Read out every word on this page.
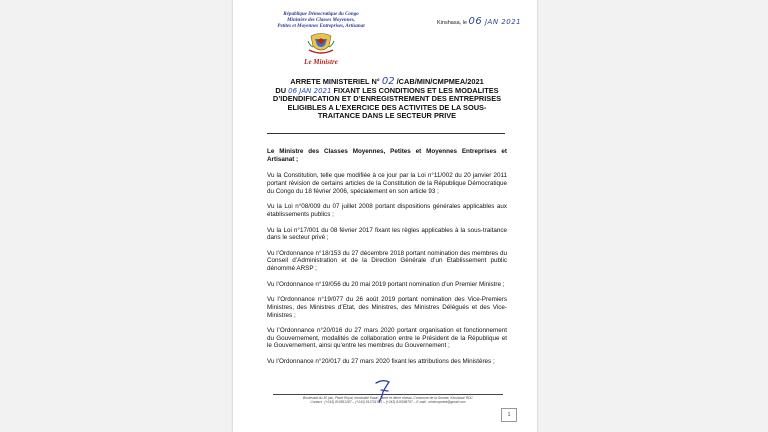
République Démocratique du Congo
Ministère des Classes Moyennes,
Petites et Moyennes Entreprises, Artisanat
Le Ministre
Kinshasa, le 06 JAN 2021
ARRETE MINISTERIEL N° 02 /CAB/MIN/CMPMEA/2021
DU 06 JAN 2021 FIXANT LES CONDITIONS ET LES MODALITES
D’IDENDIFICATION ET D’ENREGISTREMENT DES ENTREPRISES
ELIGIBLES A L’EXERCICE DES ACTIVITES DE LA SOUS-
TRAITANCE DANS LE SECTEUR PRIVE
Le Ministre des Classes Moyennes, Petites et Moyennes Entreprises et Artisanat ;
Vu la Constitution, telle que modifiée à ce jour par la Loi n°11/002 du 20 janvier 2011 portant révision de certains articles de la Constitution de la République Démocratique du Congo du 18 février 2006, spécialement en son article 93 ;
Vu la Loi n°08/009 du 07 juillet 2008 portant dispositions générales applicables aux établissements publics ;
Vu la Loi n°17/001 du 08 février 2017 fixant les règles applicables à la sous-traitance dans le secteur privé ;
Vu l’Ordonnance n°18/153 du 27 décembre 2018 portant nomination des membres du Conseil d’Administration et de la Direction Générale d’un Etablissement public dénommé ARSP ;
Vu l’Ordonnance n°19/056 du 20 mai 2019 portant nomination d’un Premier Ministre ;
Vu l’Ordonnance n°19/077 du 26 août 2019 portant nomination des Vice-Premiers Ministres, des Ministres d’Etat, des Ministres, des Ministres Délégués et des Vice-Ministres ;
Vu l’Ordonnance n°20/016 du 27 mars 2020 portant organisation et fonctionnement du Gouvernement, modalités de collaboration entre le Président de la République et le Gouvernement, ainsi qu’entre les membres du Gouvernement ;
Vu l’Ordonnance n°20/017 du 27 mars 2020 fixant les attributions des Ministères ;
Boulevard du 30 juin, Place Royal, Immeuble Kasaï, 3ème et 4ème niveau, Commune de la Gombe, Kinshasa/ RDC
Contact : (+243) 815551287 – (+243) 811751733 – (+243) 815595707 – E-mail : minicmpmea@gmail.com
1
